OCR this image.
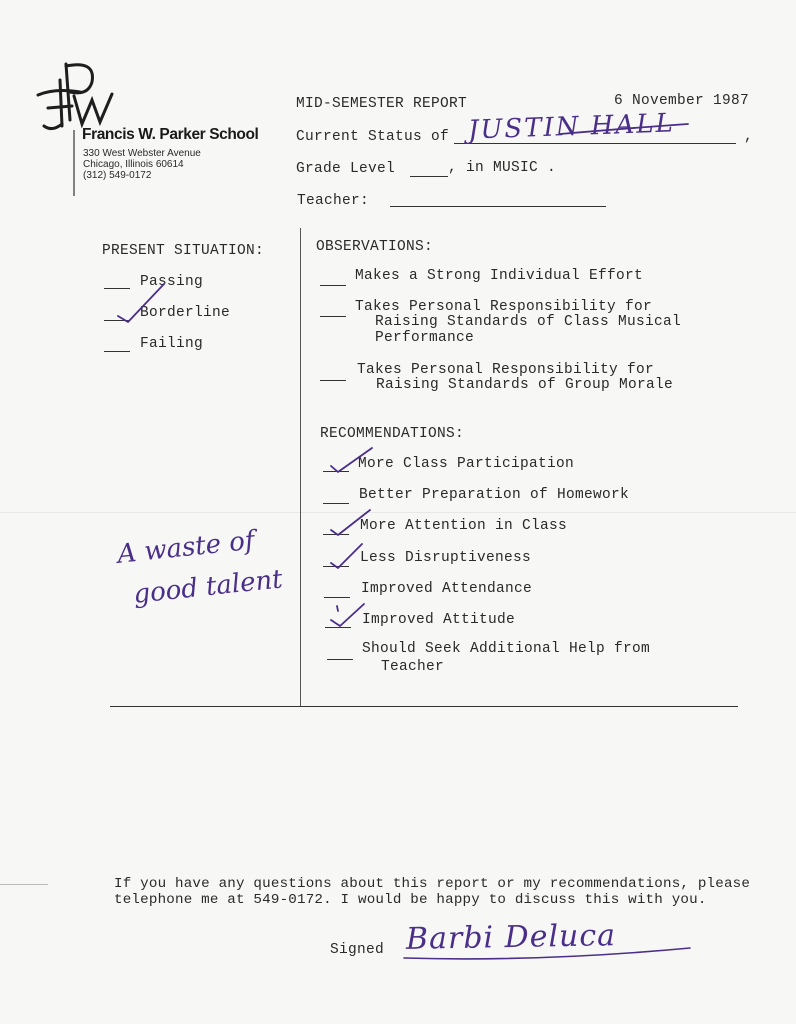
Francis W. Parker School
330 West Webster Avenue
Chicago, Illinois 60614
(312) 549-0172
MID-SEMESTER REPORT	6 November 1987
Current Status of JUSTIN HALL	,
Grade Level	, in MUSIC .
Teacher:
PRESENT SITUATION:
Passing
Borderline
Failing
OBSERVATIONS:
Makes a Strong Individual Effort
Takes Personal Responsibility for
Raising Standards of Class Musical
Performance
Takes Personal Responsibility for
Raising Standards of Group Morale
RECOMMENDATIONS:
More Class Participation
Better Preparation of Homework
More Attention in Class
Less Disruptiveness
Improved Attendance
Improved Attitude
Should Seek Additional Help from
Teacher
A waste of
good talent
If you have any questions about this report or my recommendations, please
telephone me at 549-0172. I would be happy to discuss this with you.
Signed Barbi Deluca
